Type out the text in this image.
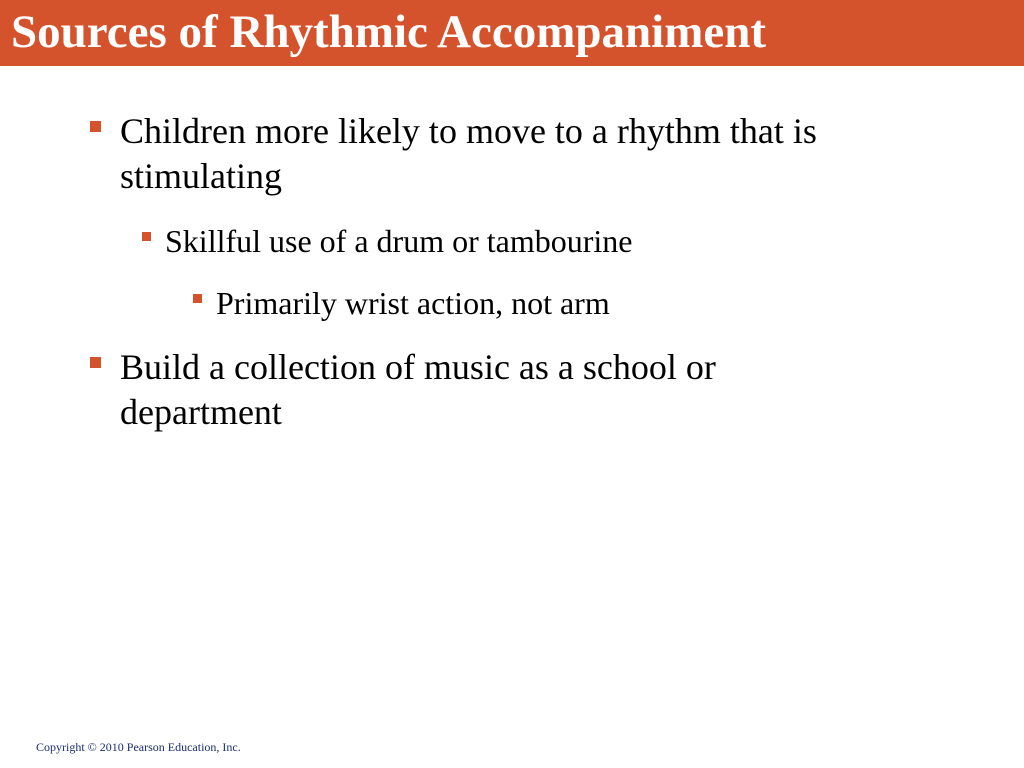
Sources of Rhythmic Accompaniment
Children more likely to move to a rhythm that is
stimulating
Skillful use of a drum or tambourine
Primarily wrist action, not arm
Build a collection of music as a school or
department
Copyright © 2010 Pearson Education, Inc.
